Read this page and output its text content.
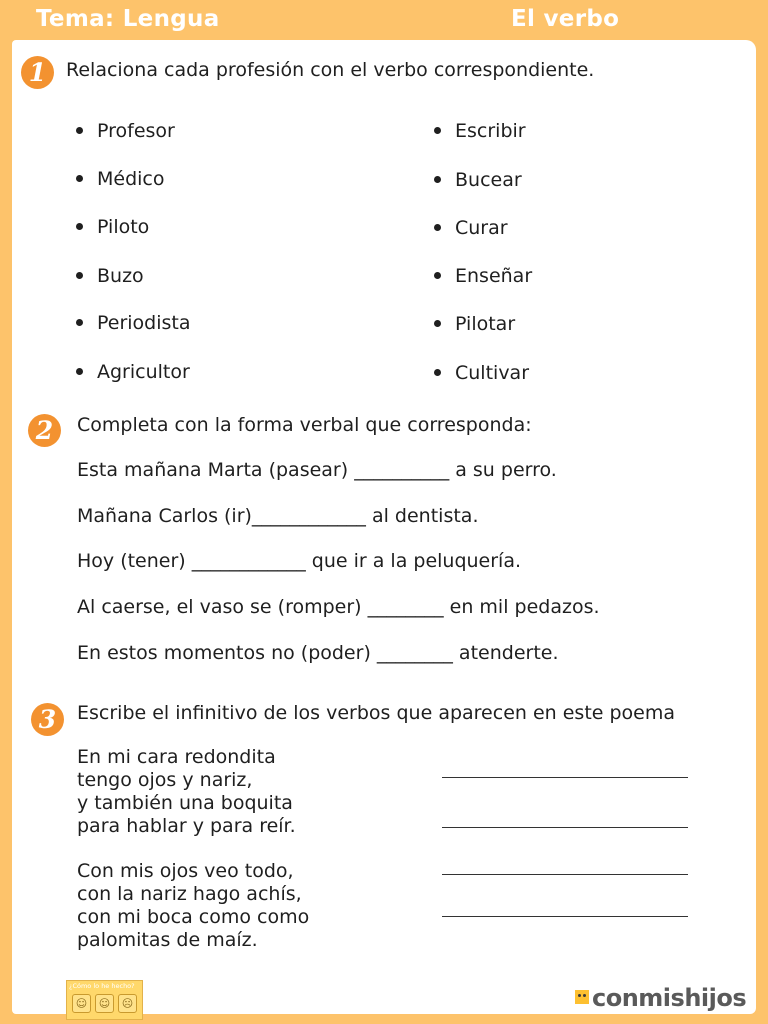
Tema: Lengua	El verbo
1	Relaciona cada profesión con el verbo correspondiente.
Profesor
Médico
Piloto
Buzo
Periodista
Agricultor
Escribir
Bucear
Curar
Enseñar
Pilotar
Cultivar
2	Completa con la forma verbal que corresponda:
Esta mañana Marta (pasear) __________ a su perro.
Mañana Carlos (ir)____________ al dentista.
Hoy (tener) ____________ que ir a la peluquería.
Al caerse, el vaso se (romper) ________ en mil pedazos.
En estos momentos no (poder) ________ atenderte.
3	Escribe el infinitivo de los verbos que aparecen en este poema
En mi cara redondita
tengo ojos y nariz,
y también una boquita
para hablar y para reír.
Con mis ojos veo todo,
con la nariz hago achís,
con mi boca como como
palomitas de maíz.
¿Cómo lo he hecho?
☺	☺	☹	conmishijos
